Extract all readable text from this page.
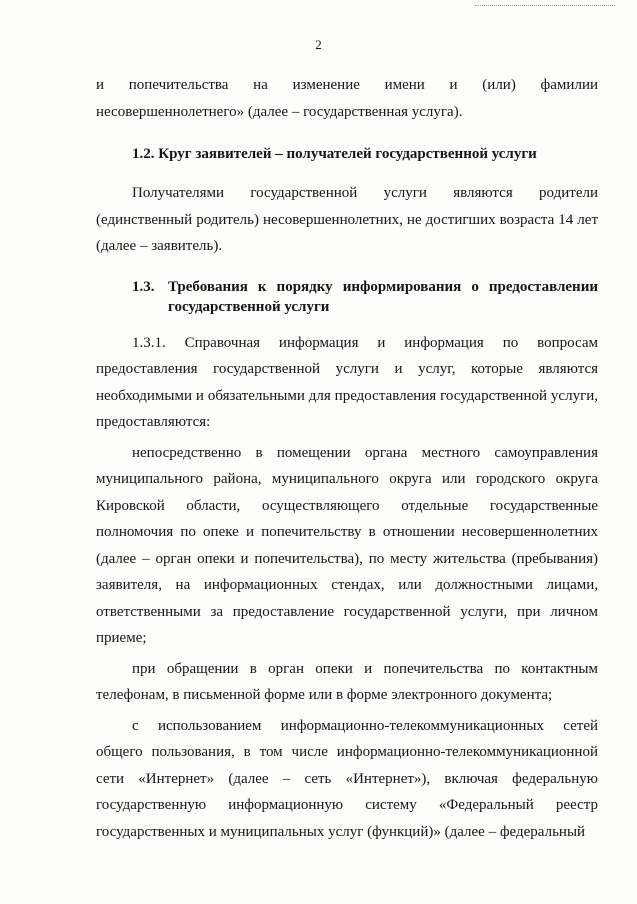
2

и попечительства на изменение имени и (или) фамилии

несовершеннолетнего» (далее – государственная услуга).

1.2. Круг заявителей – получателей государственной услуги

Получателями государственной услуги являются родители

(единственный родитель) несовершеннолетних, не достигших возраста 14 лет (далее – заявитель).

1.3. Требования к порядку информирования о предоставлении
государственной услуги

1.3.1. Справочная информация и информация по вопросам предоставления государственной услуги и услуг, которые являются необходимыми и обязательными для предоставления государственной услуги, предоставляются:

непосредственно в помещении органа местного самоуправления муниципального района, муниципального округа или городского округа Кировской области, осуществляющего отдельные государственные полномочия по опеке и попечительству в отношении несовершеннолетних (далее – орган опеки и попечительства), по месту жительства (пребывания) заявителя, на информационных стендах, или должностными лицами, ответственными за предоставление государственной услуги, при личном приеме;

при обращении в орган опеки и попечительства по контактным телефонам, в письменной форме или в форме электронного документа;

с использованием информационно-телекоммуникационных сетей общего пользования, в том числе информационно-телекоммуникационной сети «Интернет» (далее – сеть «Интернет»), включая федеральную государственную информационную систему «Федеральный реестр государственных и муниципальных услуг (функций)» (далее – федеральный
